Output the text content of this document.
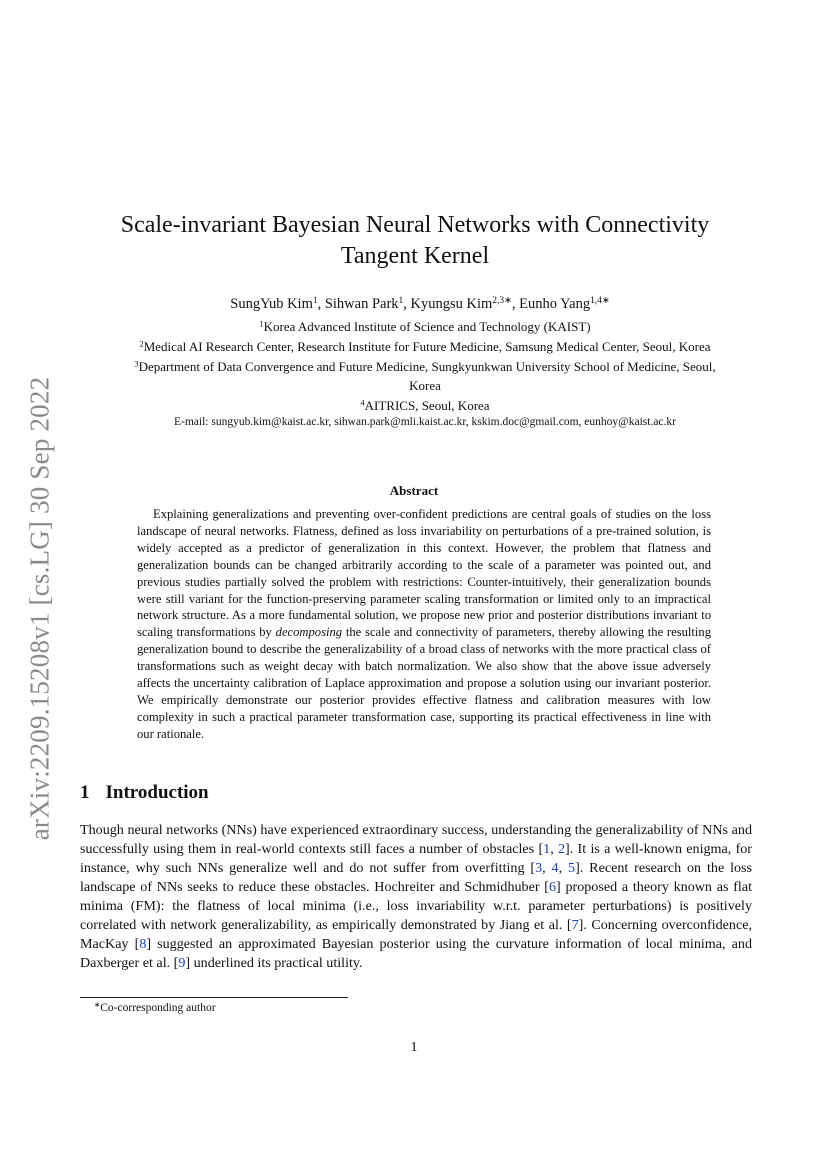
arXiv:2209.15208v1 [cs.LG] 30 Sep 2022
Scale-invariant Bayesian Neural Networks with Connectivity Tangent Kernel
SungYub Kim$^1$, Sihwan Park$^1$, Kyungsu Kim$^{2,3∗}$, Eunho Yang$^{1,4∗}$
$^1$Korea Advanced Institute of Science and Technology (KAIST)
$^2$Medical AI Research Center, Research Institute for Future Medicine, Samsung Medical Center, Seoul, Korea
$^3$Department of Data Convergence and Future Medicine, Sungkyunkwan University School of Medicine, Seoul,
Korea
$^4$AITRICS, Seoul, Korea
E-mail: sungyub.kim@kaist.ac.kr, sihwan.park@mli.kaist.ac.kr, kskim.doc@gmail.com, eunhoy@kaist.ac.kr
Abstract

Explaining generalizations and preventing over-confident predictions are central goals of studies on the loss landscape of neural networks. Flatness, defined as loss invariability on perturbations of a pre-trained solution, is widely accepted as a predictor of generalization in this context. However, the problem that flatness and generalization bounds can be changed arbitrarily according to the scale of a parameter was pointed out, and previous studies partially solved the problem with restrictions: Counter-intuitively, their generalization bounds were still variant for the function-preserving parameter scaling transformation or limited only to an impractical network structure. As a more fundamental solution, we propose new prior and posterior distributions invariant to scaling transformations by decomposing the scale and connectivity of parameters, thereby allowing the resulting generalization bound to describe the generalizability of a broad class of networks with the more practical class of transformations such as weight decay with batch normalization. We also show that the above issue adversely affects the uncertainty calibration of Laplace approximation and propose a solution using our invariant posterior. We empirically demonstrate our posterior provides effective flatness and calibration measures with low complexity in such a practical parameter transformation case, supporting its practical effectiveness in line with our rationale.

1 Introduction

Though neural networks (NNs) have experienced extraordinary success, understanding the generalizability of NNs and successfully using them in real-world contexts still faces a number of obstacles [1, 2]. It is a well-known enigma, for instance, why such NNs generalize well and do not suffer from overfitting [3, 4, 5]. Recent research on the loss landscape of NNs seeks to reduce these obstacles. Hochreiter and Schmidhuber [6] proposed a theory known as flat minima (FM): the flatness of local minima (i.e., loss invariability w.r.t. parameter perturbations) is positively correlated with network generalizability, as empirically demonstrated by Jiang et al. [7]. Concerning overconfidence, MacKay [8] suggested an approximated Bayesian posterior using the curvature information of local minima, and Daxberger et al. [9] underlined its practical utility.

∗Co-corresponding author
1
